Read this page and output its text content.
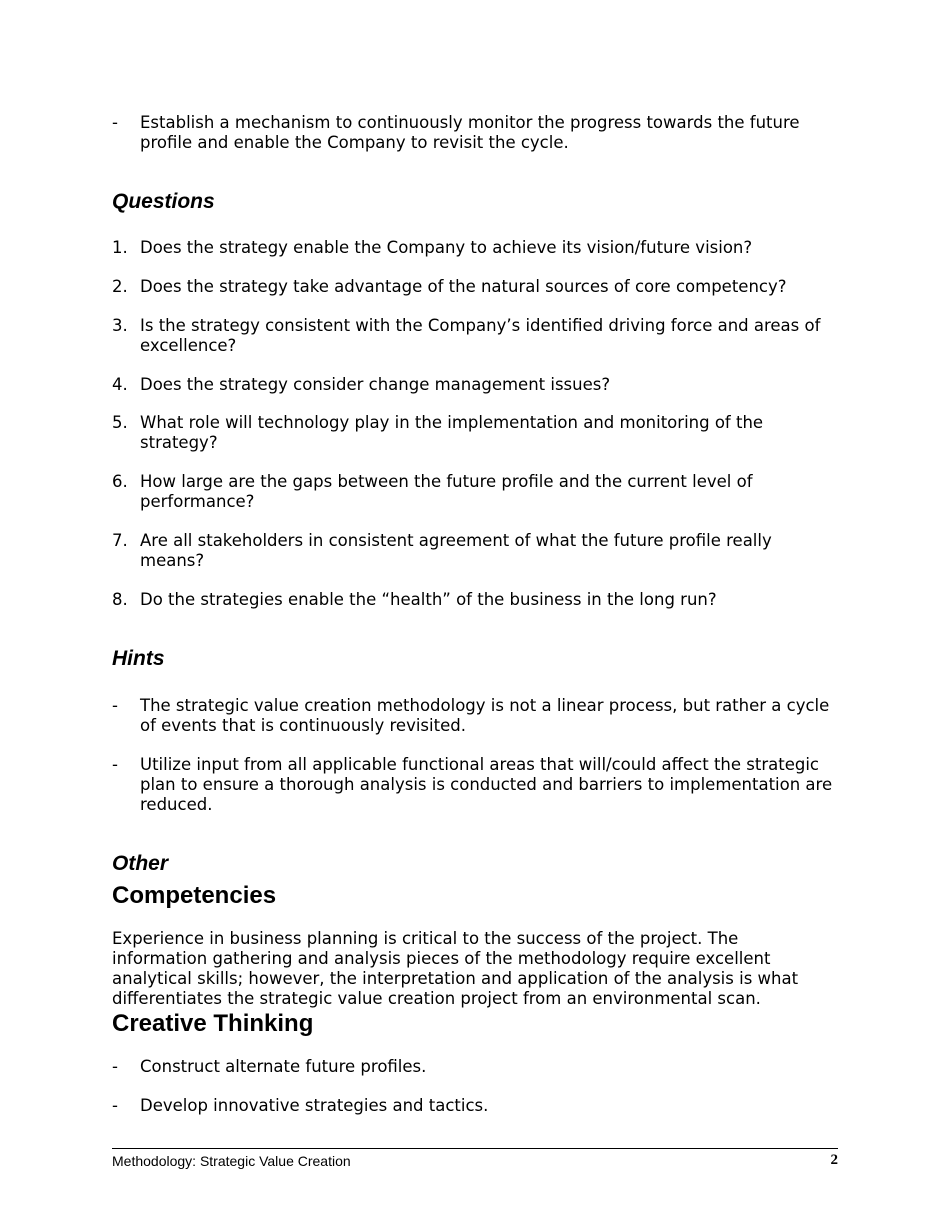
- Establish a mechanism to continuously monitor the progress towards the future profile and enable the Company to revisit the cycle.
Questions
1. Does the strategy enable the Company to achieve its vision/future vision?
2. Does the strategy take advantage of the natural sources of core competency?
3. Is the strategy consistent with the Company’s identified driving force and areas of excellence?
4. Does the strategy consider change management issues?
5. What role will technology play in the implementation and monitoring of the strategy?
6. How large are the gaps between the future profile and the current level of performance?
7. Are all stakeholders in consistent agreement of what the future profile really means?
8. Do the strategies enable the “health” of the business in the long run?
Hints
- The strategic value creation methodology is not a linear process, but rather a cycle of events that is continuously revisited.
- Utilize input from all applicable functional areas that will/could affect the strategic plan to ensure a thorough analysis is conducted and barriers to implementation are reduced.
Other
Competencies

Experience in business planning is critical to the success of the project. The information gathering and analysis pieces of the methodology require excellent analytical skills; however, the interpretation and application of the analysis is what differentiates the strategic value creation project from an environmental scan.

Creative Thinking
- Construct alternate future profiles.
- Develop innovative strategies and tactics.
Methodology: Strategic Value Creation	2
